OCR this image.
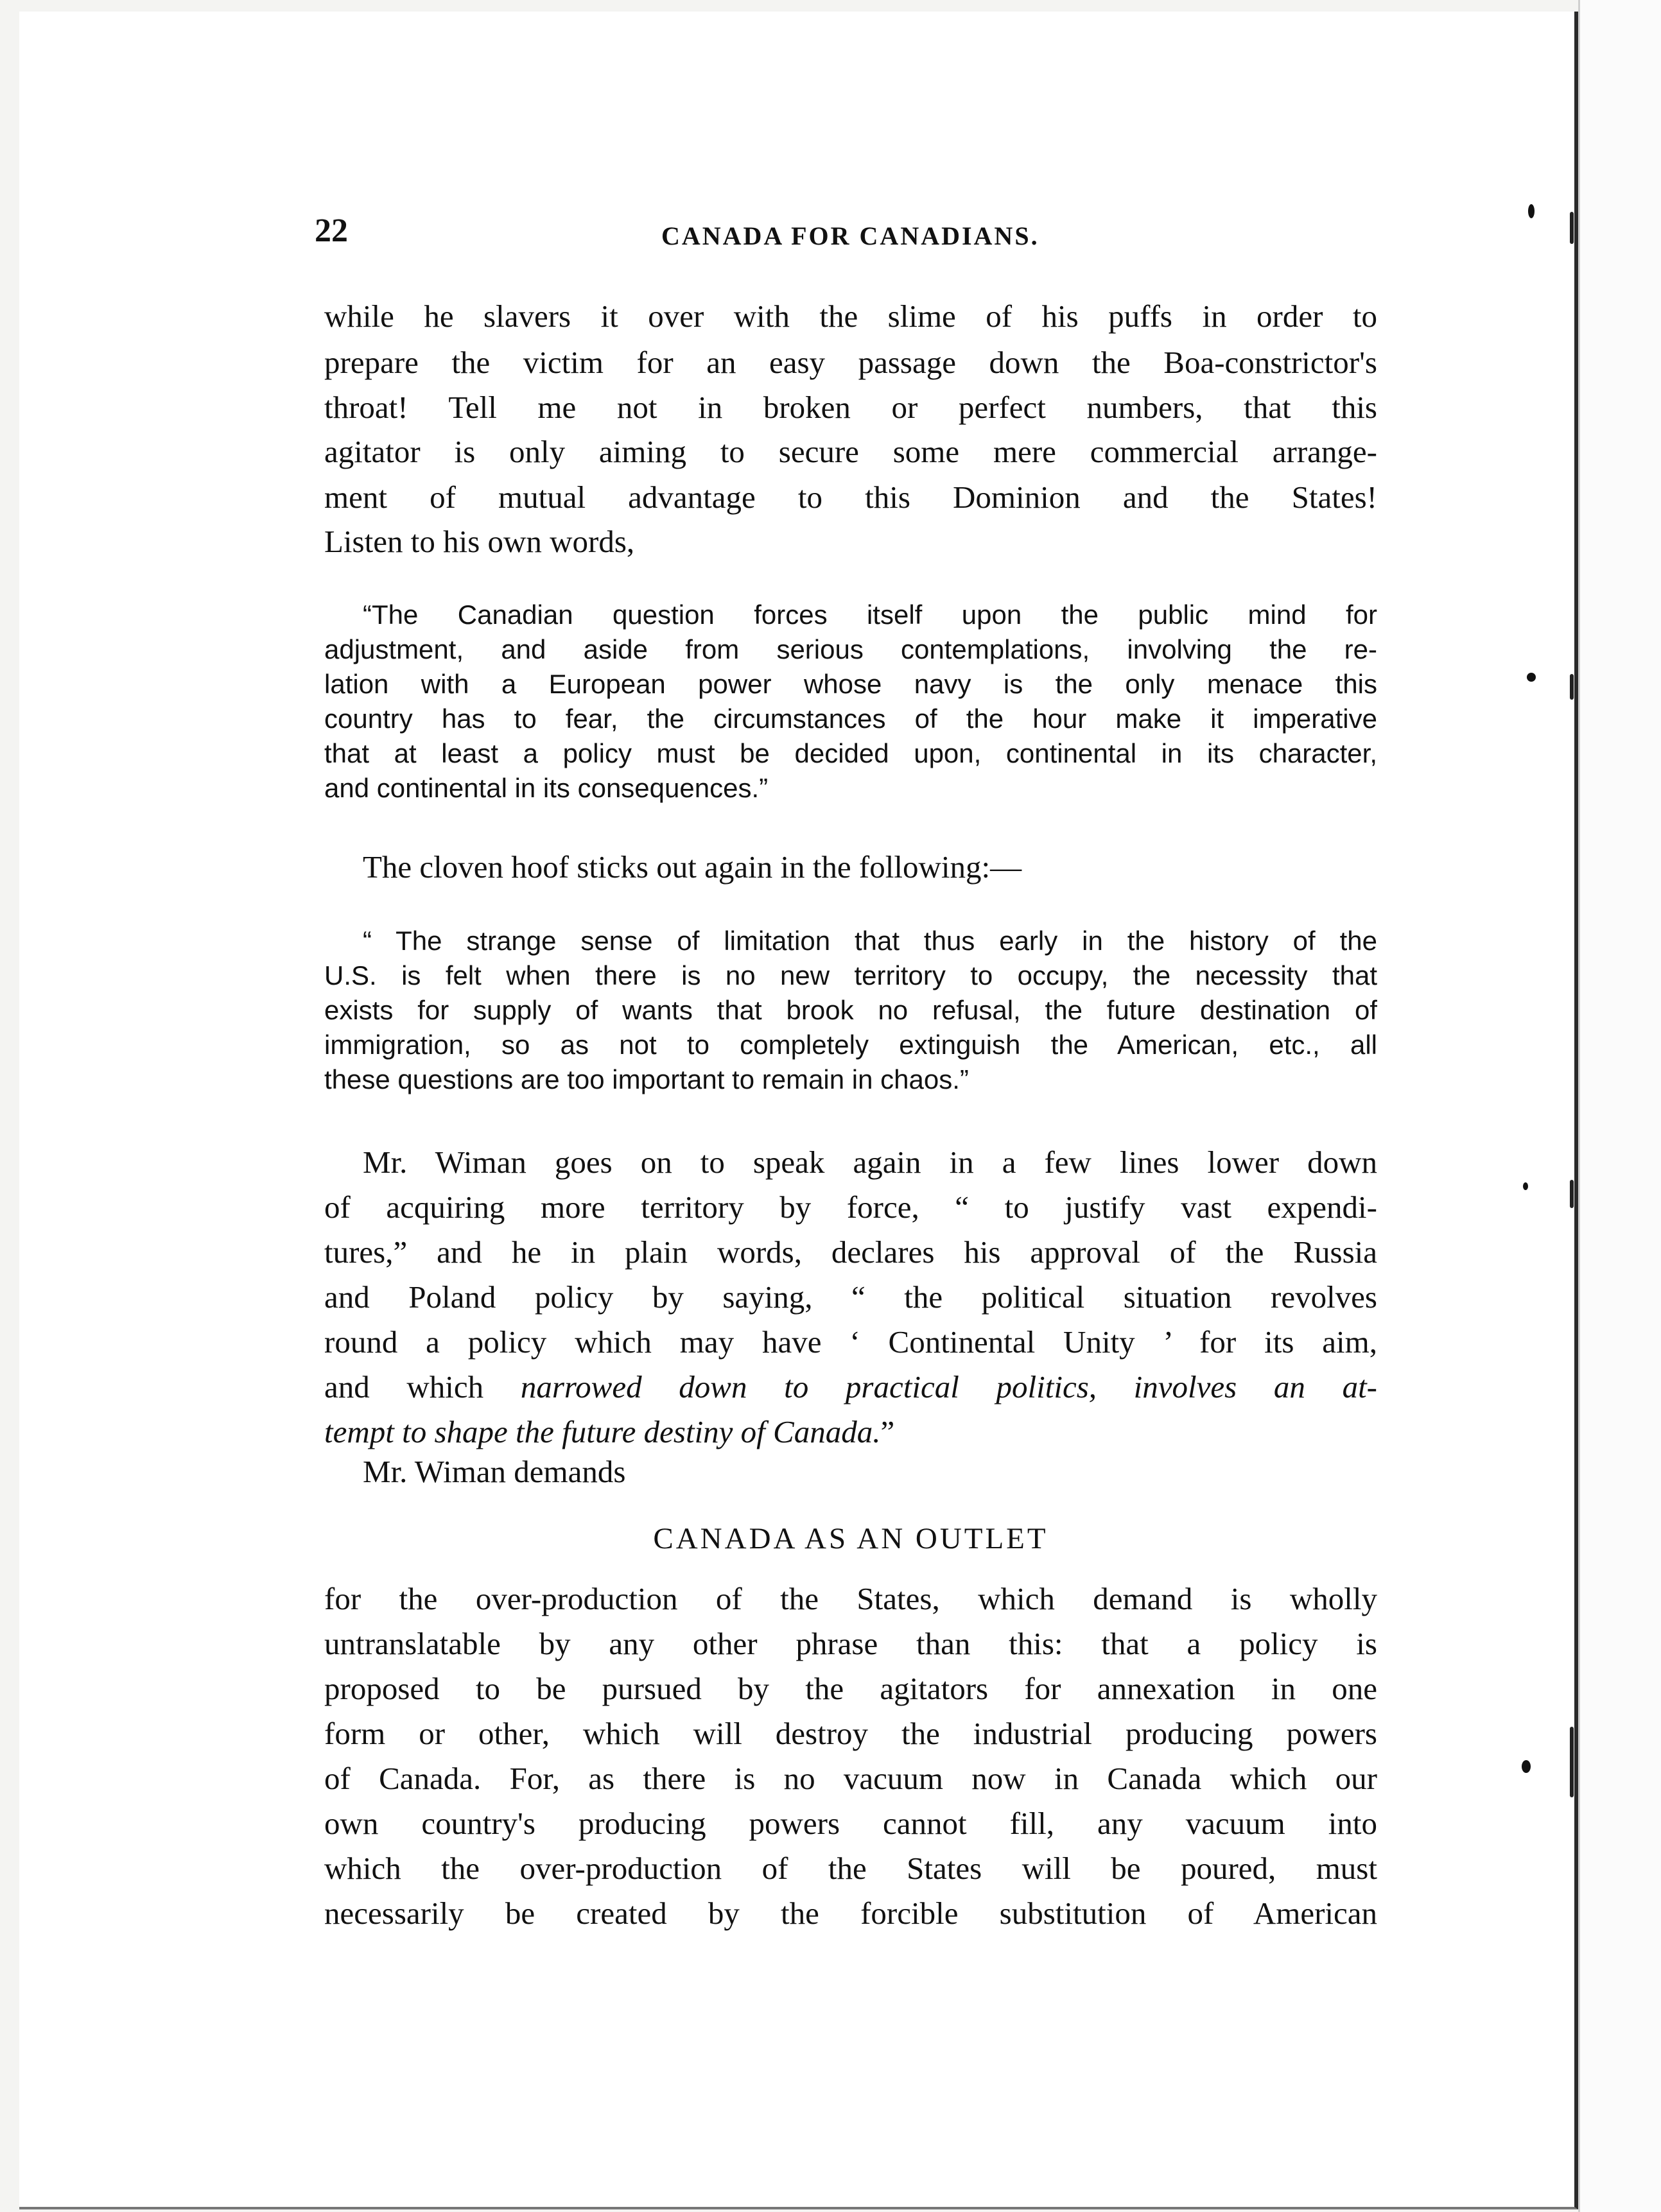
22	CANADA FOR CANADIANS.

while he slavers it over with the slime of his puffs in order to

prepare the victim for an easy passage down the Boa-constrictor's

throat! Tell me not in broken or perfect numbers, that this

agitator is only aiming to secure some mere commercial arrange-

ment of mutual advantage to this Dominion and the States!

Listen to his own words,

“The Canadian question forces itself upon the public mind for

adjustment, and aside from serious contemplations, involving the re-

lation with a European power whose navy is the only menace this

country has to fear, the circumstances of the hour make it imperative

that at least a policy must be decided upon, continental in its character,

and continental in its consequences.”

The cloven hoof sticks out again in the following:—

“ The strange sense of limitation that thus early in the history of the

U.S. is felt when there is no new territory to occupy, the necessity that

exists for supply of wants that brook no refusal, the future destination of

immigration, so as not to completely extinguish the American, etc., all

these questions are too important to remain in chaos.”

Mr. Wiman goes on to speak again in a few lines lower down

of acquiring more territory by force, “ to justify vast expendi-

tures,” and he in plain words, declares his approval of the Russia

and Poland policy by saying, “ the political situation revolves

round a policy which may have ‘ Continental Unity ’ for its aim,

and which narrowed down to practical politics, involves an at-

tempt to shape the future destiny of Canada.”

Mr. Wiman demands

CANADA AS AN OUTLET

for the over-production of the States, which demand is wholly

untranslatable by any other phrase than this: that a policy is

proposed to be pursued by the agitators for annexation in one

form or other, which will destroy the industrial producing powers

of Canada. For, as there is no vacuum now in Canada which our

own country's producing powers cannot fill, any vacuum into

which the over-production of the States will be poured, must

necessarily be created by the forcible substitution of American
